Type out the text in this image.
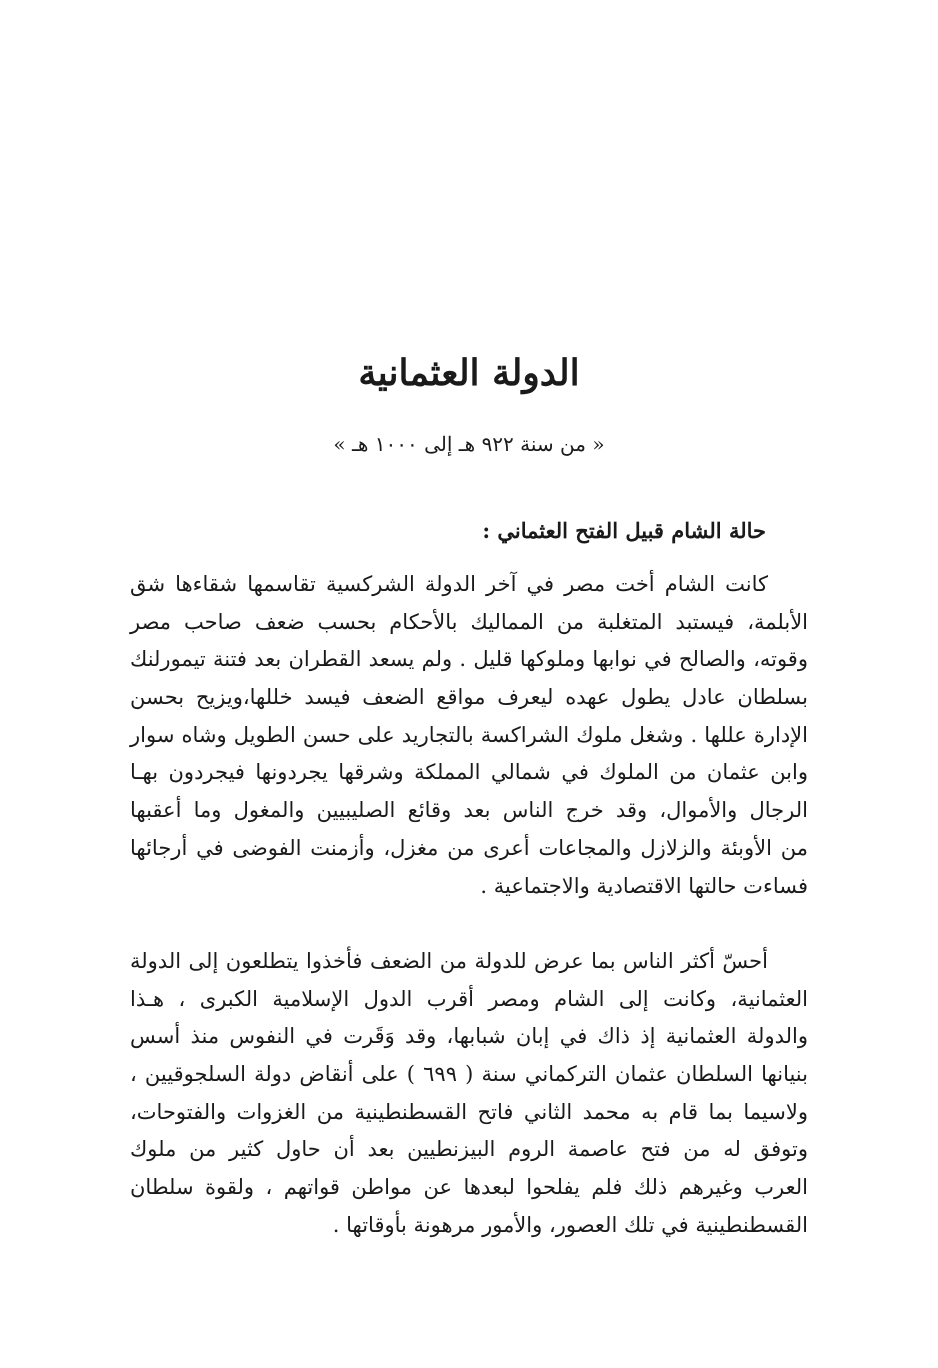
الدولة العثمانية

« من سنة ٩٢٢ هـ إلى ١٠٠٠ هـ »

حالة الشام قبيل الفتح العثماني :
كانت الشام أخت مصر في آخر الدولة الشركسية تقاسمها شقاءها شق
الأبلمة، فيستبد المتغلبة من المماليك بالأحكام بحسب ضعف صاحب مصر
وقوته، والصالح في نوابها وملوكها قليل . ولم يسعد القطران بعد فتنة تيمورلنك
بسلطان عادل يطول عهده ليعرف مواقع الضعف فيسد خللها،ويزيح بحسن
الإدارة عللها . وشغل ملوك الشراكسة بالتجاريد على حسن الطويل وشاه سوار
وابن عثمان من الملوك في شمالي المملكة وشرقها يجردونها فيجردون بهـا
الرجال والأموال، وقد خرج الناس بعد وقائع الصليبيين والمغول وما أعقبها
من الأوبئة والزلازل والمجاعات أعرى من مغزل، وأزمنت الفوضى في أرجائها
فساءت حالتها الاقتصادية والاجتماعية .
أحسّ أكثر الناس بما عرض للدولة من الضعف فأخذوا يتطلعون إلى الدولة
العثمانية، وكانت إلى الشام ومصر أقرب الدول الإسلامية الكبرى ، هـذا
والدولة العثمانية إذ ذاك في إبان شبابها، وقد وَقَرت في النفوس منذ أسس
بنيانها السلطان عثمان التركماني سنة ( ٦٩٩ ) على أنقاض دولة السلجوقيين ،
ولاسيما بما قام به محمد الثاني فاتح القسطنطينية من الغزوات والفتوحات،
وتوفق له من فتح عاصمة الروم البيزنطيين بعد أن حاول كثير من ملوك
العرب وغيرهم ذلك فلم يفلحوا لبعدها عن مواطن قواتهم ، ولقوة سلطان
القسطنطينية في تلك العصور، والأمور مرهونة بأوقاتها .
